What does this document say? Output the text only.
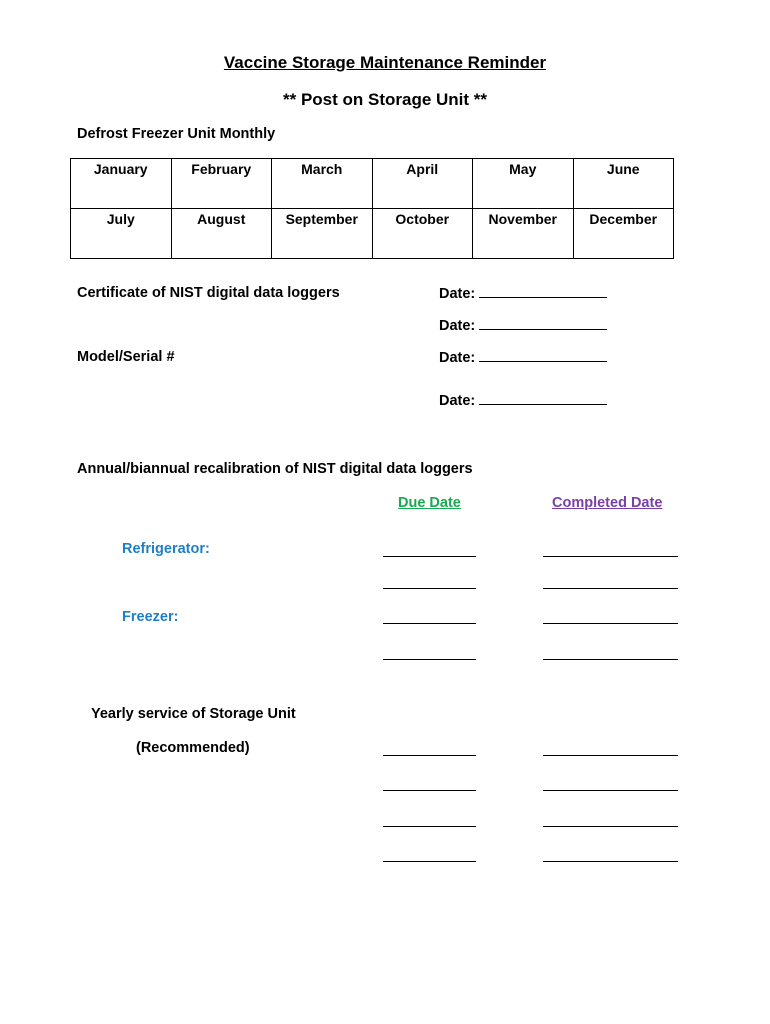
Vaccine Storage Maintenance Reminder
** Post on Storage Unit **
Defrost Freezer Unit Monthly
January	February	March	April	May	June
July	August	September	October	November	December
Certificate of NIST digital data loggers
Model/Serial #
Date:
Date:
Date:
Date:
Annual/biannual recalibration of NIST digital data loggers
Due Date	Completed Date
Refrigerator:
Freezer:
Yearly service of Storage Unit
(Recommended)
